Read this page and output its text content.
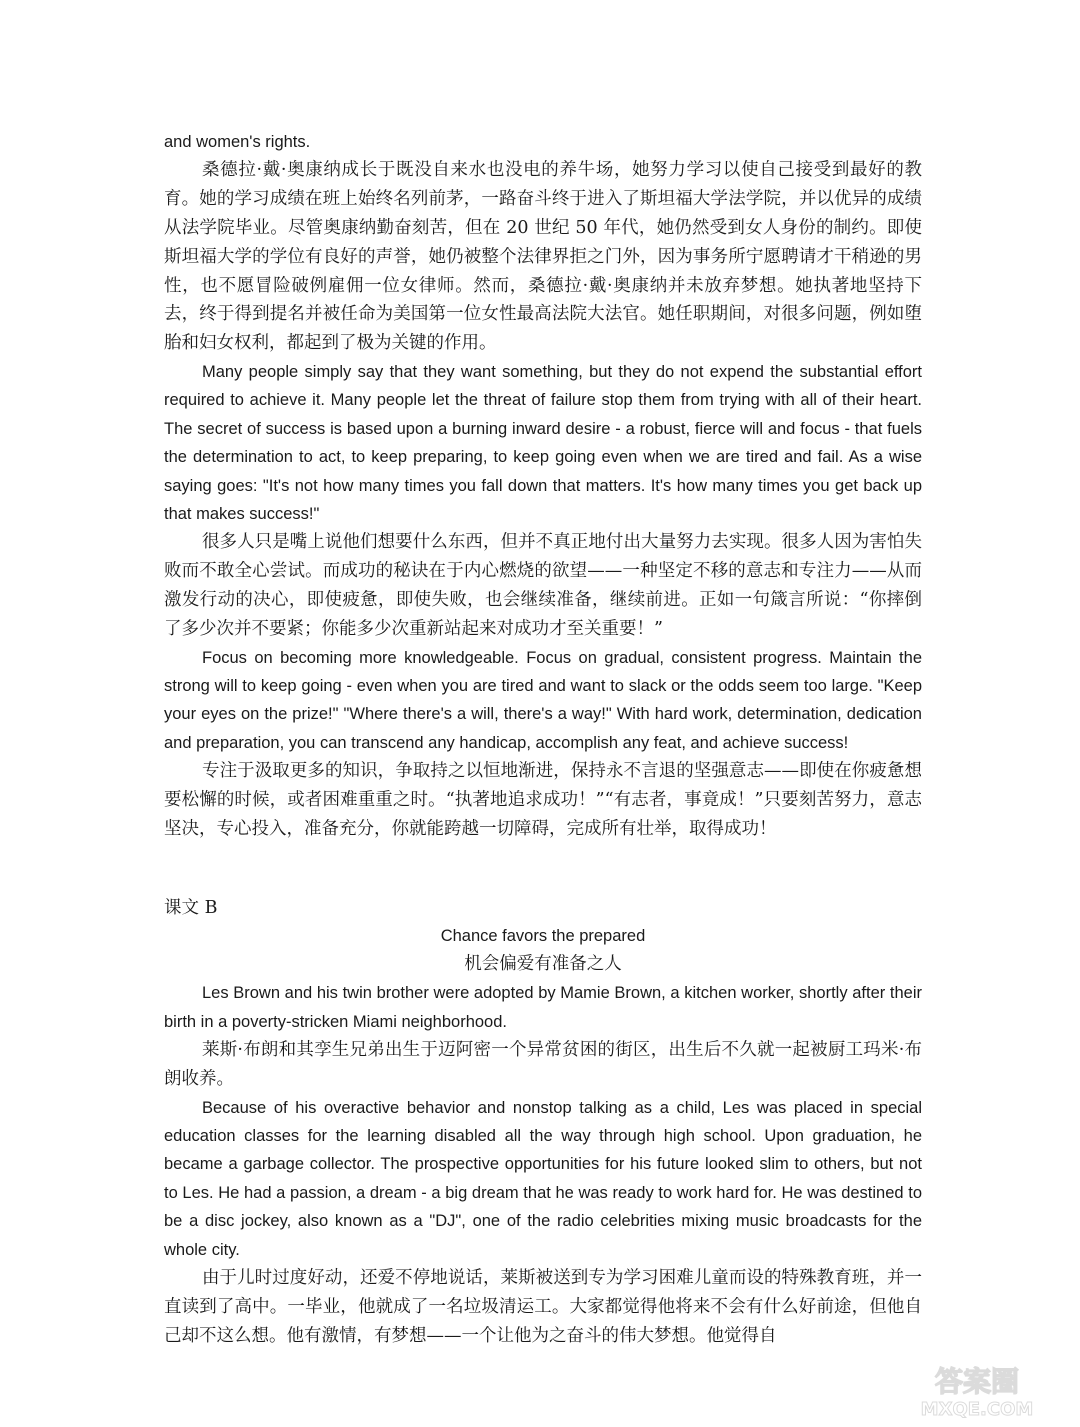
and women's rights.

桑德拉·戴·奥康纳成长于既没自来水也没电的养牛场，她努力学习以使自己接受到最好的教育。她的学习成绩在班上始终名列前茅，一路奋斗终于进入了斯坦福大学法学院，并以优异的成绩从法学院毕业。尽管奥康纳勤奋刻苦，但在 20 世纪 50 年代，她仍然受到女人身份的制约。即使斯坦福大学的学位有良好的声誉，她仍被整个法律界拒之门外，因为事务所宁愿聘请才干稍逊的男性，也不愿冒险破例雇佣一位女律师。然而，桑德拉·戴·奥康纳并未放弃梦想。她执著地坚持下去，终于得到提名并被任命为美国第一位女性最高法院大法官。她任职期间，对很多问题，例如堕胎和妇女权利，都起到了极为关键的作用。

Many people simply say that they want something, but they do not expend the substantial effort required to achieve it. Many people let the threat of failure stop them from trying with all of their heart. The secret of success is based upon a burning inward desire - a robust, fierce will and focus - that fuels the determination to act, to keep preparing, to keep going even when we are tired and fail. As a wise saying goes: "It's not how many times you fall down that matters. It's how many times you get back up that makes success!"

很多人只是嘴上说他们想要什么东西，但并不真正地付出大量努力去实现。很多人因为害怕失败而不敢全心尝试。而成功的秘诀在于内心燃烧的欲望——一种坚定不移的意志和专注力——从而激发行动的决心，即使疲惫，即使失败，也会继续准备，继续前进。正如一句箴言所说：“你摔倒了多少次并不要紧；你能多少次重新站起来对成功才至关重要！”

Focus on becoming more knowledgeable. Focus on gradual, consistent progress. Maintain the strong will to keep going - even when you are tired and want to slack or the odds seem too large. "Keep your eyes on the prize!" "Where there's a will, there's a way!" With hard work, determination, dedication and preparation, you can transcend any handicap, accomplish any feat, and achieve success!

专注于汲取更多的知识，争取持之以恒地渐进，保持永不言退的坚强意志——即使在你疲惫想要松懈的时候，或者困难重重之时。“执著地追求成功！”“有志者，事竟成！”只要刻苦努力，意志坚决，专心投入，准备充分，你就能跨越一切障碍，完成所有壮举，取得成功！

课文 B

Chance favors the prepared

机会偏爱有准备之人

Les Brown and his twin brother were adopted by Mamie Brown, a kitchen worker, shortly after their birth in a poverty-stricken Miami neighborhood.

莱斯·布朗和其孪生兄弟出生于迈阿密一个异常贫困的街区，出生后不久就一起被厨工玛米·布朗收养。

Because of his overactive behavior and nonstop talking as a child, Les was placed in special education classes for the learning disabled all the way through high school. Upon graduation, he became a garbage collector. The prospective opportunities for his future looked slim to others, but not to Les. He had a passion, a dream - a big dream that he was ready to work hard for. He was destined to be a disc jockey, also known as a "DJ", one of the radio celebrities mixing music broadcasts for the whole city.

由于儿时过度好动，还爱不停地说话，莱斯被送到专为学习困难儿童而设的特殊教育班，并一直读到了高中。一毕业，他就成了一名垃圾清运工。大家都觉得他将来不会有什么好前途，但他自己却不这么想。他有激情，有梦想——一个让他为之奋斗的伟大梦想。他觉得自

答案圈
MXQE.COM
